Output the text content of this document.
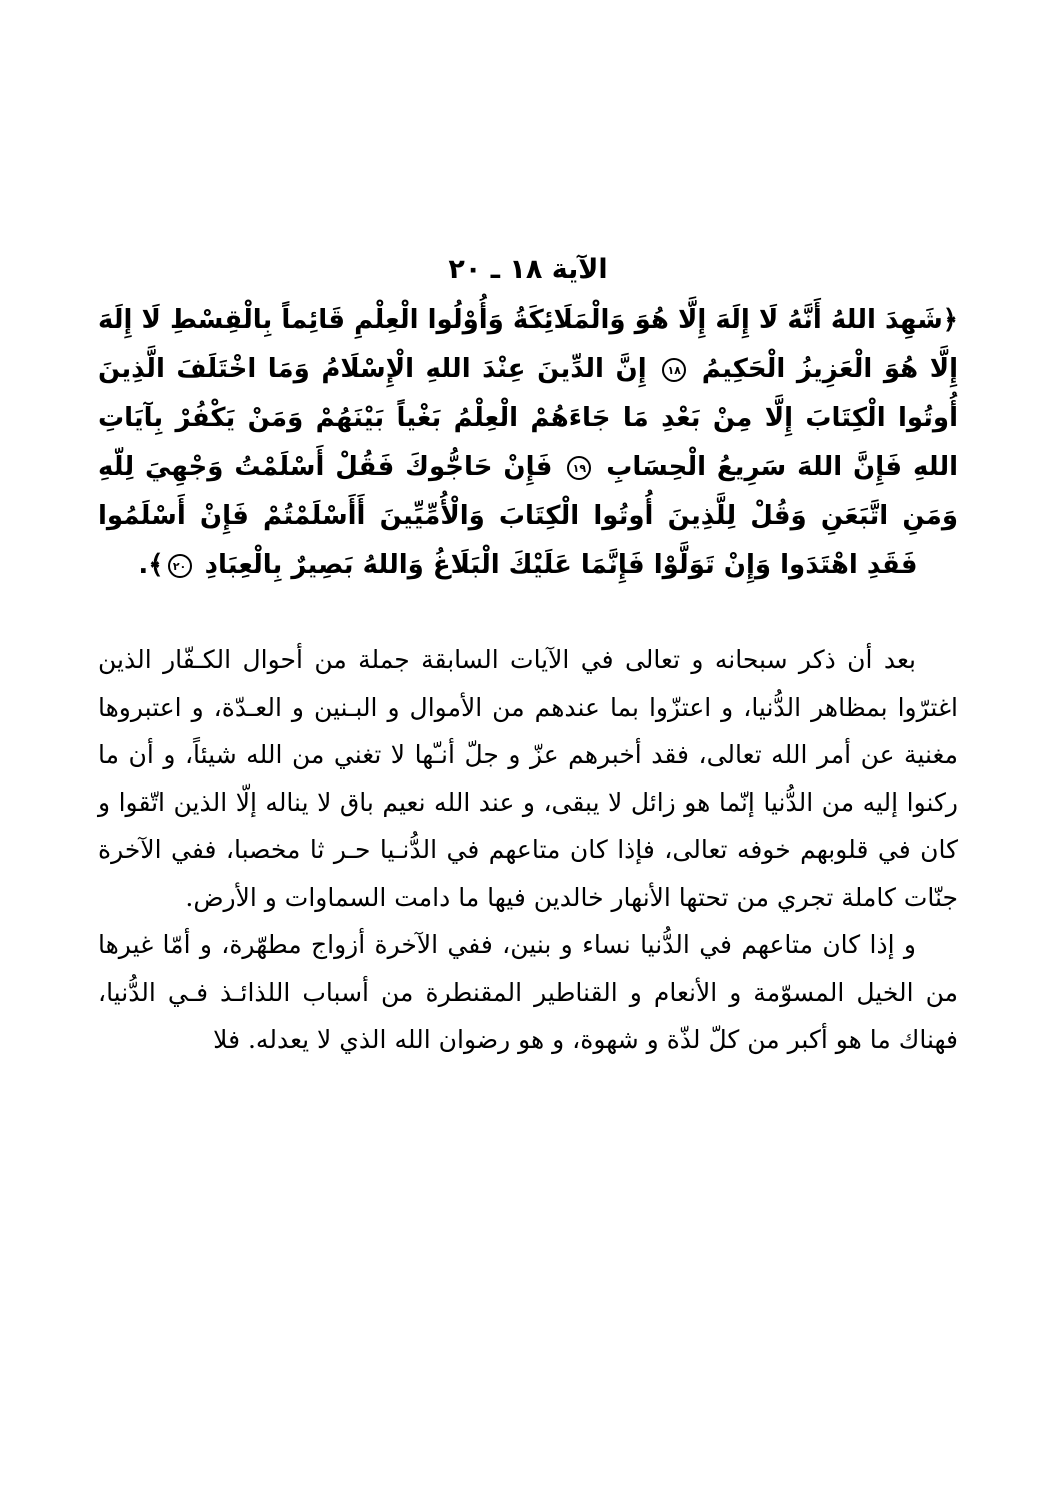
الآية ١٨ ـ ٢٠

﴿شَهِدَ اللهُ أَنَّهُ لَا إِلَهَ إِلَّا هُوَ وَالْمَلَائِكَةُ وَأُوْلُوا الْعِلْمِ قَائِماً بِالْقِسْطِ لَا إِلَهَ إِلَّا هُوَ الْعَزِيزُ الْحَكِيمُ ١٨ إِنَّ الدِّينَ عِنْدَ اللهِ الْإِسْلَامُ وَمَا اخْتَلَفَ الَّذِينَ أُوتُوا الْكِتَابَ إِلَّا مِنْ بَعْدِ مَا جَاءَهُمْ الْعِلْمُ بَغْياً بَيْنَهُمْ وَمَنْ يَكْفُرْ بِآيَاتِ اللهِ فَإِنَّ اللهَ سَرِيعُ الْحِسَابِ ١٩ فَإِنْ حَاجُّوكَ فَقُلْ أَسْلَمْتُ وَجْهِيَ لِلّهِ وَمَنِ اتَّبَعَنِ وَقُلْ لِلَّذِينَ أُوتُوا الْكِتَابَ وَالْأُمِّيِّينَ أَأَسْلَمْتُمْ فَإِنْ أَسْلَمُوا فَقَدِ اهْتَدَوا وَإِنْ تَوَلَّوْا فَإِنَّمَا عَلَيْكَ الْبَلَاغُ وَاللهُ بَصِيرٌ بِالْعِبَادِ ٢٠﴾.

بعد أن ذكر سبحانه و تعالى في الآيات السابقة جملة من أحوال الكـفّار الذين اغترّوا بمظاهر الدُّنيا، و اعتزّوا بما عندهم من الأموال و البـنين و العـدّة، و اعتبروها مغنية عن أمر الله تعالى، فقد أخبرهم عزّ و جلّ أنـّها لا تغني من الله شيئاً، و أن ما ركنوا إليه من الدُّنيا إنّما هو زائل لا يبقى، و عند الله نعيم باق لا يناله إلّا الذين اتّقوا و كان في قلوبهم خوفه تعالى، فإذا كان متاعهم في الدُّنـيا حـر ثا مخصبا، ففي الآخرة جنّات كاملة تجري من تحتها الأنهار خالدين فيها ما دامت السماوات و الأرض.

و إذا كان متاعهم في الدُّنيا نساء و بنين، ففي الآخرة أزواج مطهّرة، و أمّا غيرها من الخيل المسوّمة و الأنعام و القناطير المقنطرة من أسباب اللذائـذ فـي الدُّنيا، فهناك ما هو أكبر من كلّ لذّة و شهوة، و هو رضوان الله الذي لا يعدله. فلا
